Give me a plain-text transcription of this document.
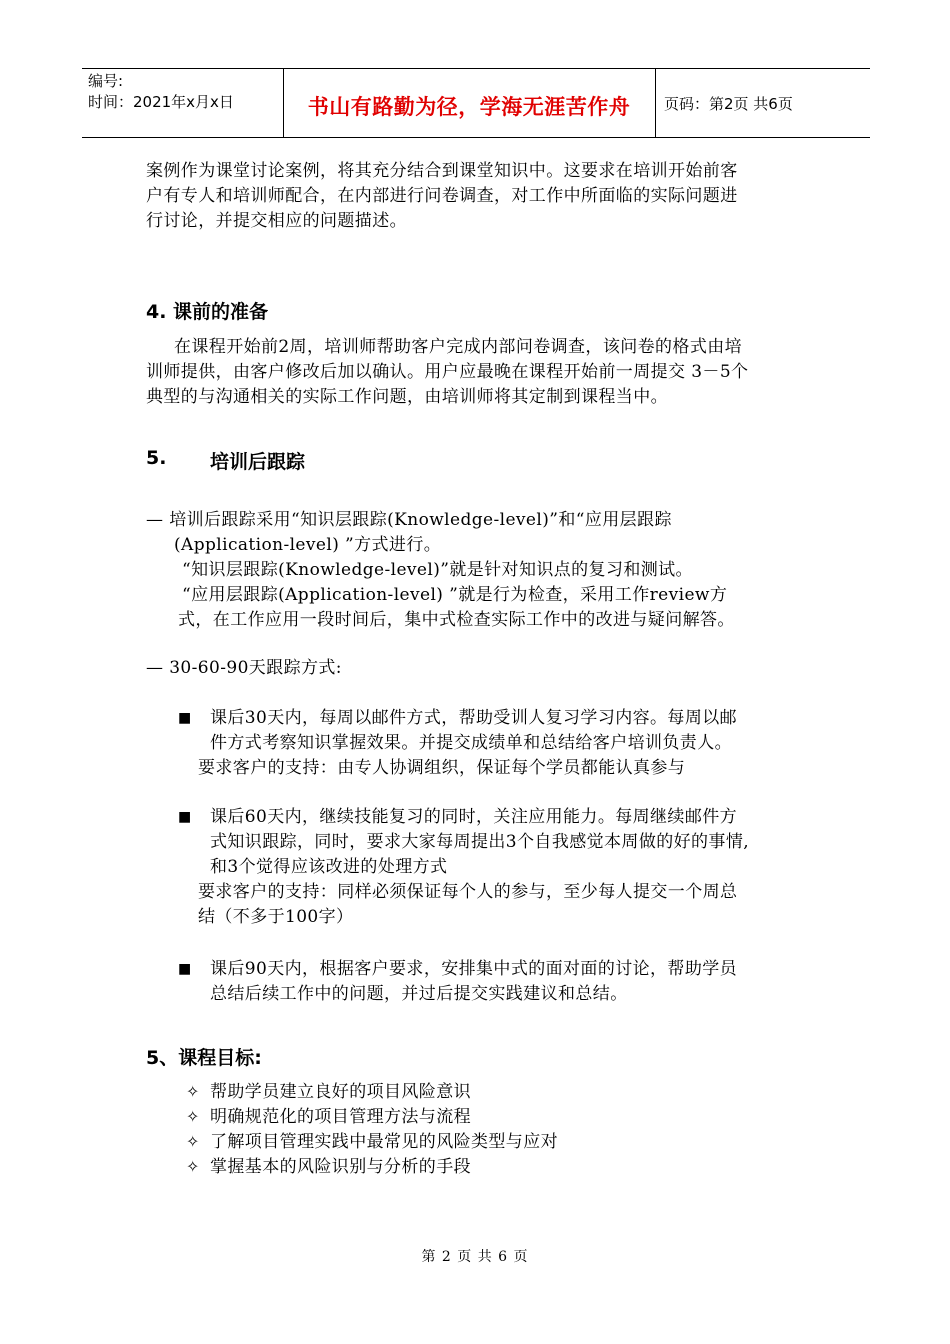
编号:
时间：2021年x月x日	书山有路勤为径，学海无涯苦作舟	页码：第2页 共6页
案例作为课堂讨论案例，将其充分结合到课堂知识中。这要求在培训开始前客
户有专人和培训师配合，在内部进行问卷调查，对工作中所面临的实际问题进
行讨论，并提交相应的问题描述。
4. 课前的准备
在课程开始前2周，培训师帮助客户完成内部问卷调查，该问卷的格式由培
训师提供，由客户修改后加以确认。用户应最晚在课程开始前一周提交 3－5个
典型的与沟通相关的实际工作问题，由培训师将其定制到课程当中。
5. 培训后跟踪
— 培训后跟踪采用“知识层跟踪(Knowledge-level)”和“应用层跟踪
(Application-level) ”方式进行。
“知识层跟踪(Knowledge-level)”就是针对知识点的复习和测试。
“应用层跟踪(Application-level) ”就是行为检查，采用工作review方
式，在工作应用一段时间后，集中式检查实际工作中的改进与疑问解答。
— 30-60-90天跟踪方式:
■ 课后30天内，每周以邮件方式，帮助受训人复习学习内容。每周以邮
件方式考察知识掌握效果。并提交成绩单和总结给客户培训负责人。
要求客户的支持：由专人协调组织，保证每个学员都能认真参与
■ 课后60天内，继续技能复习的同时，关注应用能力。每周继续邮件方
式知识跟踪，同时，要求大家每周提出3个自我感觉本周做的好的事情,
和3个觉得应该改进的处理方式
要求客户的支持：同样必须保证每个人的参与，至少每人提交一个周总
结（不多于100字）
■ 课后90天内，根据客户要求，安排集中式的面对面的讨论，帮助学员
总结后续工作中的问题，并过后提交实践建议和总结。
5、课程目标:
✧ 帮助学员建立良好的项目风险意识
✧ 明确规范化的项目管理方法与流程
✧ 了解项目管理实践中最常见的风险类型与应对
✧ 掌握基本的风险识别与分析的手段
第 2 页 共 6 页
